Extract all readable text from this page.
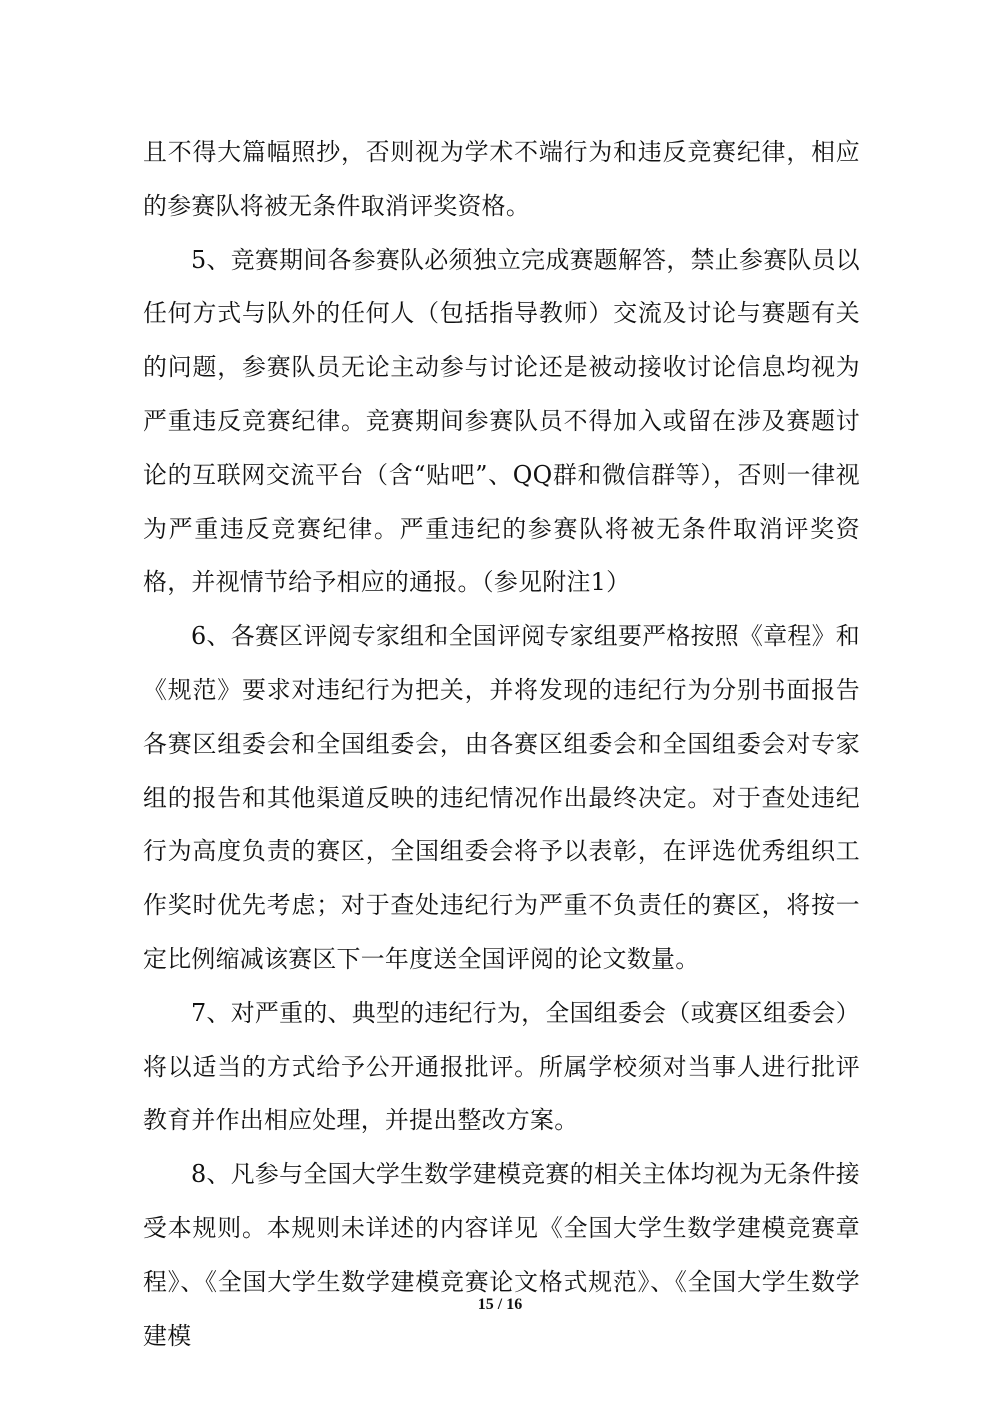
且不得大篇幅照抄，否则视为学术不端行为和违反竞赛纪律，相应的参赛队将被无条件取消评奖资格。

5、竞赛期间各参赛队必须独立完成赛题解答，禁止参赛队员以任何方式与队外的任何人（包括指导教师）交流及讨论与赛题有关的问题，参赛队员无论主动参与讨论还是被动接收讨论信息均视为严重违反竞赛纪律。竞赛期间参赛队员不得加入或留在涉及赛题讨论的互联网交流平台（含“贴吧”、QQ群和微信群等），否则一律视为严重违反竞赛纪律。严重违纪的参赛队将被无条件取消评奖资格，并视情节给予相应的通报。（参见附注1）

6、各赛区评阅专家组和全国评阅专家组要严格按照《章程》和《规范》要求对违纪行为把关，并将发现的违纪行为分别书面报告各赛区组委会和全国组委会，由各赛区组委会和全国组委会对专家组的报告和其他渠道反映的违纪情况作出最终决定。对于查处违纪行为高度负责的赛区，全国组委会将予以表彰，在评选优秀组织工作奖时优先考虑；对于查处违纪行为严重不负责任的赛区，将按一定比例缩减该赛区下一年度送全国评阅的论文数量。

7、对严重的、典型的违纪行为，全国组委会（或赛区组委会）将以适当的方式给予公开通报批评。所属学校须对当事人进行批评教育并作出相应处理，并提出整改方案。

8、凡参与全国大学生数学建模竞赛的相关主体均视为无条件接受本规则。本规则未详述的内容详见《全国大学生数学建模竞赛章程》、《全国大学生数学建模竞赛论文格式规范》、《全国大学生数学建模

15 / 16
